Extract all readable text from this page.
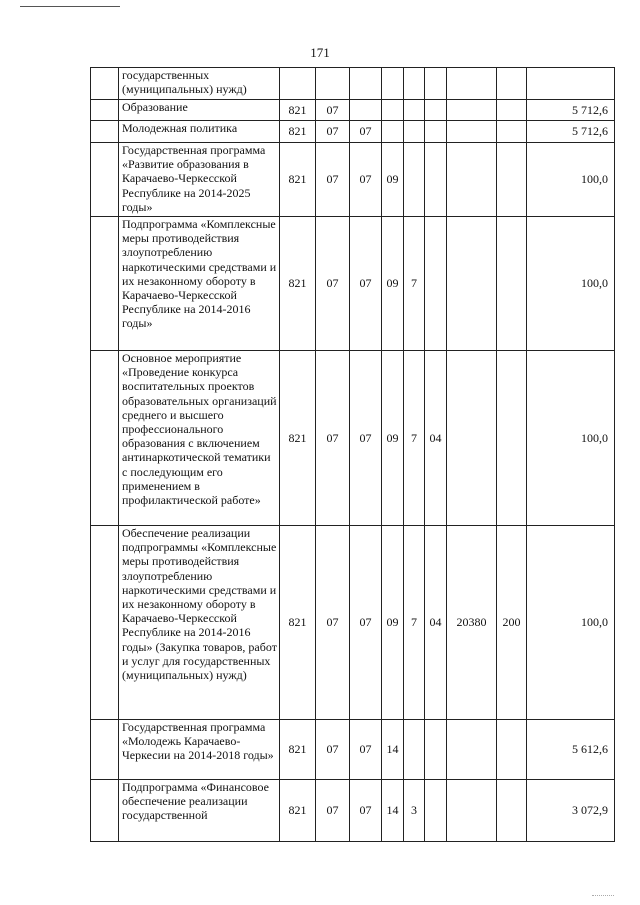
171
	государственных (муниципальных) нужд)									
	Образование	821	07							5 712,6
	Молодежная политика	821	07	07						5 712,6
	Государственная программа «Развитие образования в Карачаево-Черкесской Республике на 2014-2025 годы»	821	07	07	09					100,0
	Подпрограмма «Комплексные меры противодействия злоупотреблению наркотическими средствами и их незаконному обороту в Карачаево-Черкесской Республике на 2014-2016 годы»	821	07	07	09	7				100,0
	Основное мероприятие «Проведение конкурса воспитательных проектов образовательных организаций среднего и высшего профессионального образования с включением антинаркотической тематики с последующим его применением в профилактической работе»	821	07	07	09	7	04			100,0
	Обеспечение реализации подпрограммы «Комплексные меры противодействия злоупотреблению наркотическими средствами и их незаконному обороту в Карачаево-Черкесской Республике на 2014-2016 годы» (Закупка товаров, работ и услуг для государственных (муниципальных) нужд)	821	07	07	09	7	04	20380	200	100,0
	Государственная программа «Молодежь Карачаево-Черкесии на 2014-2018 годы»	821	07	07	14					5 612,6
	Подпрограмма «Финансовое обеспечение реализации государственной	821	07	07	14	3				3 072,9
